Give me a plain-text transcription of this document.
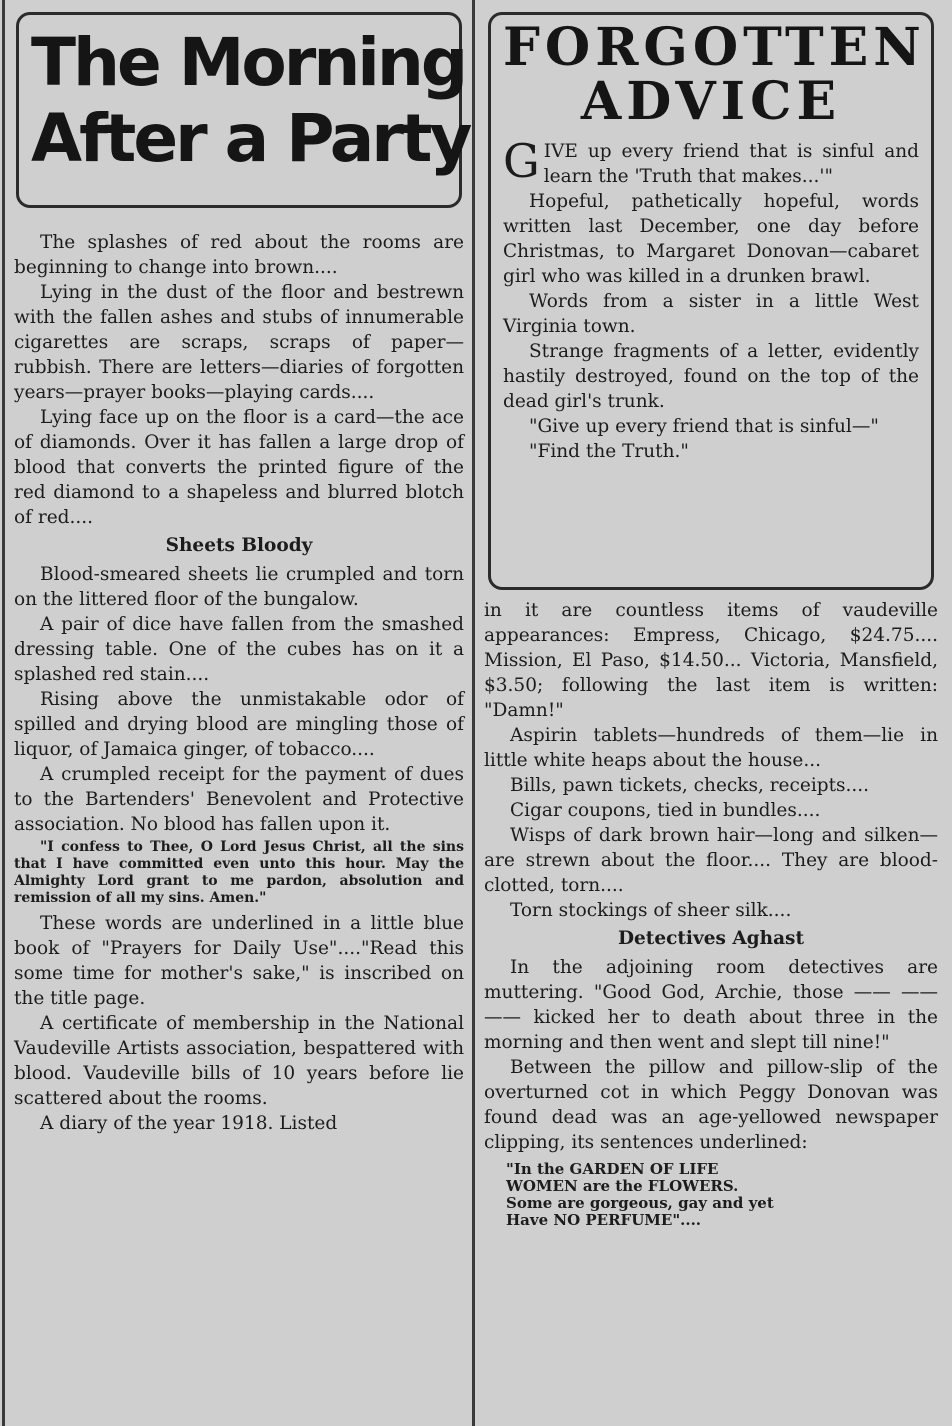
The Morning
After a Party

The splashes of red about the rooms are beginning to change into brown....

Lying in the dust of the floor and bestrewn with the fallen ashes and stubs of innumerable cigarettes are scraps, scraps of paper—rubbish. There are letters—diaries of forgotten years—prayer books—playing cards....

Lying face up on the floor is a card—the ace of diamonds. Over it has fallen a large drop of blood that converts the printed figure of the red diamond to a shapeless and blurred blotch of red....

Sheets Bloody

Blood-smeared sheets lie crumpled and torn on the littered floor of the bungalow.

A pair of dice have fallen from the smashed dressing table. One of the cubes has on it a splashed red stain....

Rising above the unmistakable odor of spilled and drying blood are mingling those of liquor, of Jamaica ginger, of tobacco....

A crumpled receipt for the payment of dues to the Bartenders' Benevolent and Protective association. No blood has fallen upon it.

"I confess to Thee, O Lord Jesus Christ, all the sins that I have committed even unto this hour. May the Almighty Lord grant to me pardon, absolution and remission of all my sins. Amen."

These words are underlined in a little blue book of "Prayers for Daily Use"...."Read this some time for mother's sake," is inscribed on the title page.

A certificate of membership in the National Vaudeville Artists association, bespattered with blood. Vaudeville bills of 10 years before lie scattered about the rooms.

A diary of the year 1918. Listed

FORGOTTEN
ADVICE

GIVE up every friend that is sinful and learn the 'Truth that makes...'"

Hopeful, pathetically hopeful, words written last December, one day before Christmas, to Margaret Donovan—cabaret girl who was killed in a drunken brawl.

Words from a sister in a little West Virginia town.

Strange fragments of a letter, evidently hastily destroyed, found on the top of the dead girl's trunk.

"Give up every friend that is sinful—"

"Find the Truth."

in it are countless items of vaudeville appearances: Empress, Chicago, $24.75.... Mission, El Paso, $14.50... Victoria, Mansfield, $3.50; following the last item is written: "Damn!"

Aspirin tablets—hundreds of them—lie in little white heaps about the house...

Bills, pawn tickets, checks, receipts....

Cigar coupons, tied in bundles....

Wisps of dark brown hair—long and silken—are strewn about the floor.... They are blood-clotted, torn....

Torn stockings of sheer silk....

Detectives Aghast

In the adjoining room detectives are muttering. "Good God, Archie, those —— —— —— kicked her to death about three in the morning and then went and slept till nine!"

Between the pillow and pillow-slip of the overturned cot in which Peggy Donovan was found dead was an age-yellowed newspaper clipping, its sentences underlined:

"In the GARDEN OF LIFE
WOMEN are the FLOWERS.
Some are gorgeous, gay and yet
Have NO PERFUME"....
